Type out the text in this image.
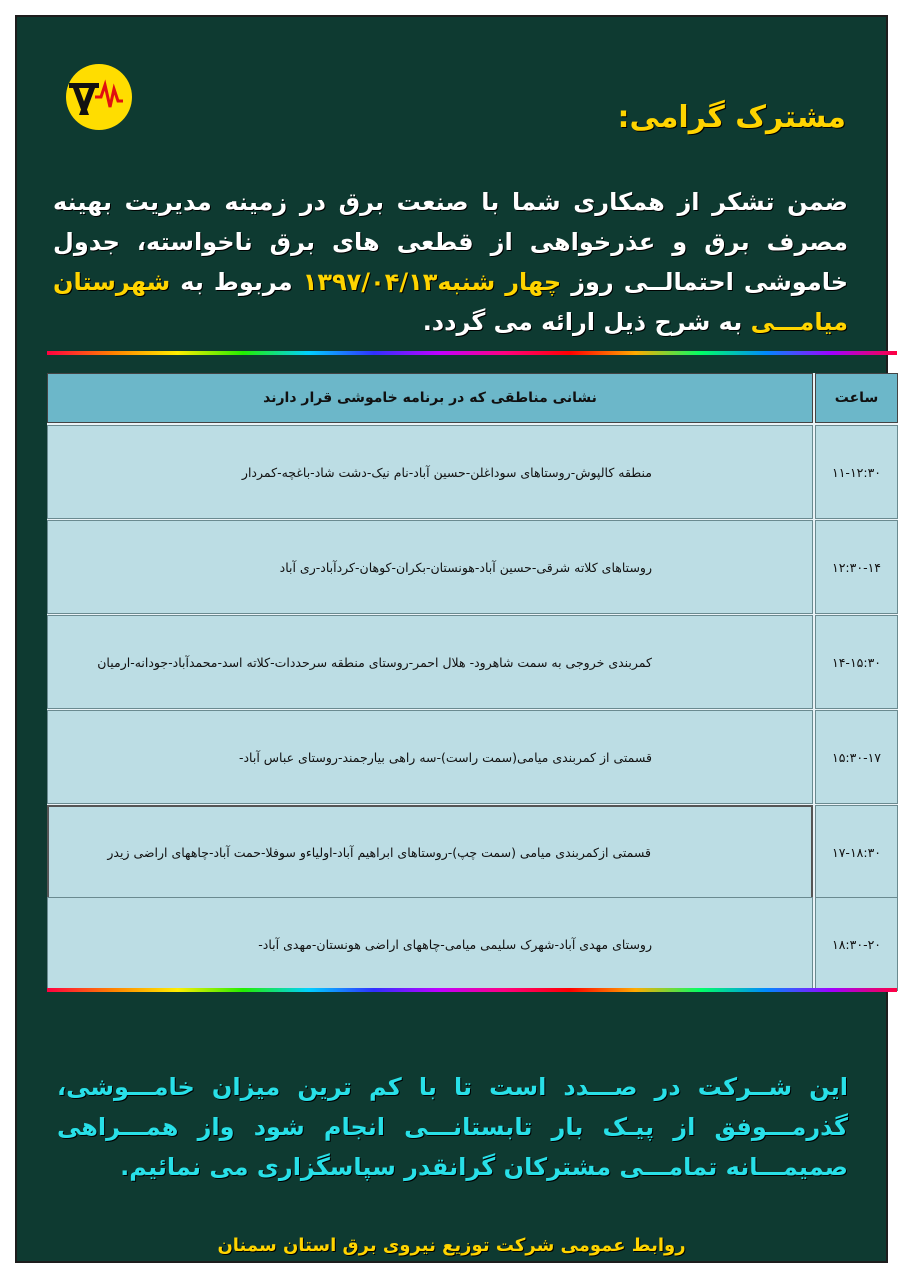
مشترک گرامی:
ضمن تشکر از همکاری شما با صنعت برق در زمینه مدیریت بهینه مصرف برق و عذرخواهی از قطعی های برق ناخواسته، جدول خاموشی احتمالــی روز چهار شنبه۱۳۹۷/۰۴/۱۳ مربوط به شهرستان میامـــی به شرح ذیل ارائه می گردد.
نشانی مناطقی که در برنامه خاموشی قرار دارند	ساعت
منطقه کالپوش-روستاهای سوداغلن-حسین آباد-نام نیک-دشت شاد-باغچه-کمردار	۱۱-۱۲:۳۰
روستاهای کلاته شرقی-حسین آباد-هونستان-بکران-کوهان-کردآباد-ری آباد	۱۲:۳۰-۱۴
کمربندی خروجی به سمت شاهرود- هلال احمر-روستای منطقه سرحددات-کلاته اسد-محمدآباد-جودانه-ارمیان	۱۴-۱۵:۳۰
قسمتی از کمربندی میامی(سمت راست)-سه راهی بیارجمند-روستای عباس آباد-	۱۵:۳۰-۱۷
قسمتی ازکمربندی میامی (سمت چپ)-روستاهای ابراهیم آباد-اولیاءو سوفلا-حمت آباد-چاههای اراضی زیدر	۱۷-۱۸:۳۰
روستای مهدی آباد-شهرک سلیمی میامی-چاههای اراضی هونستان-مهدی آباد-	۱۸:۳۰-۲۰
این شــرکت در صـــدد است تا با کم ترین میزان خامـــوشی، گذرمـــوفق از پیـک بار تابستانـــی انجام شود واز همـــراهی صمیمـــانه تمامـــی مشترکان گرانقدر سپاسگزاری می نمائیم.
روابط عمومی شرکت توزیع نیروی برق استان سمنان
